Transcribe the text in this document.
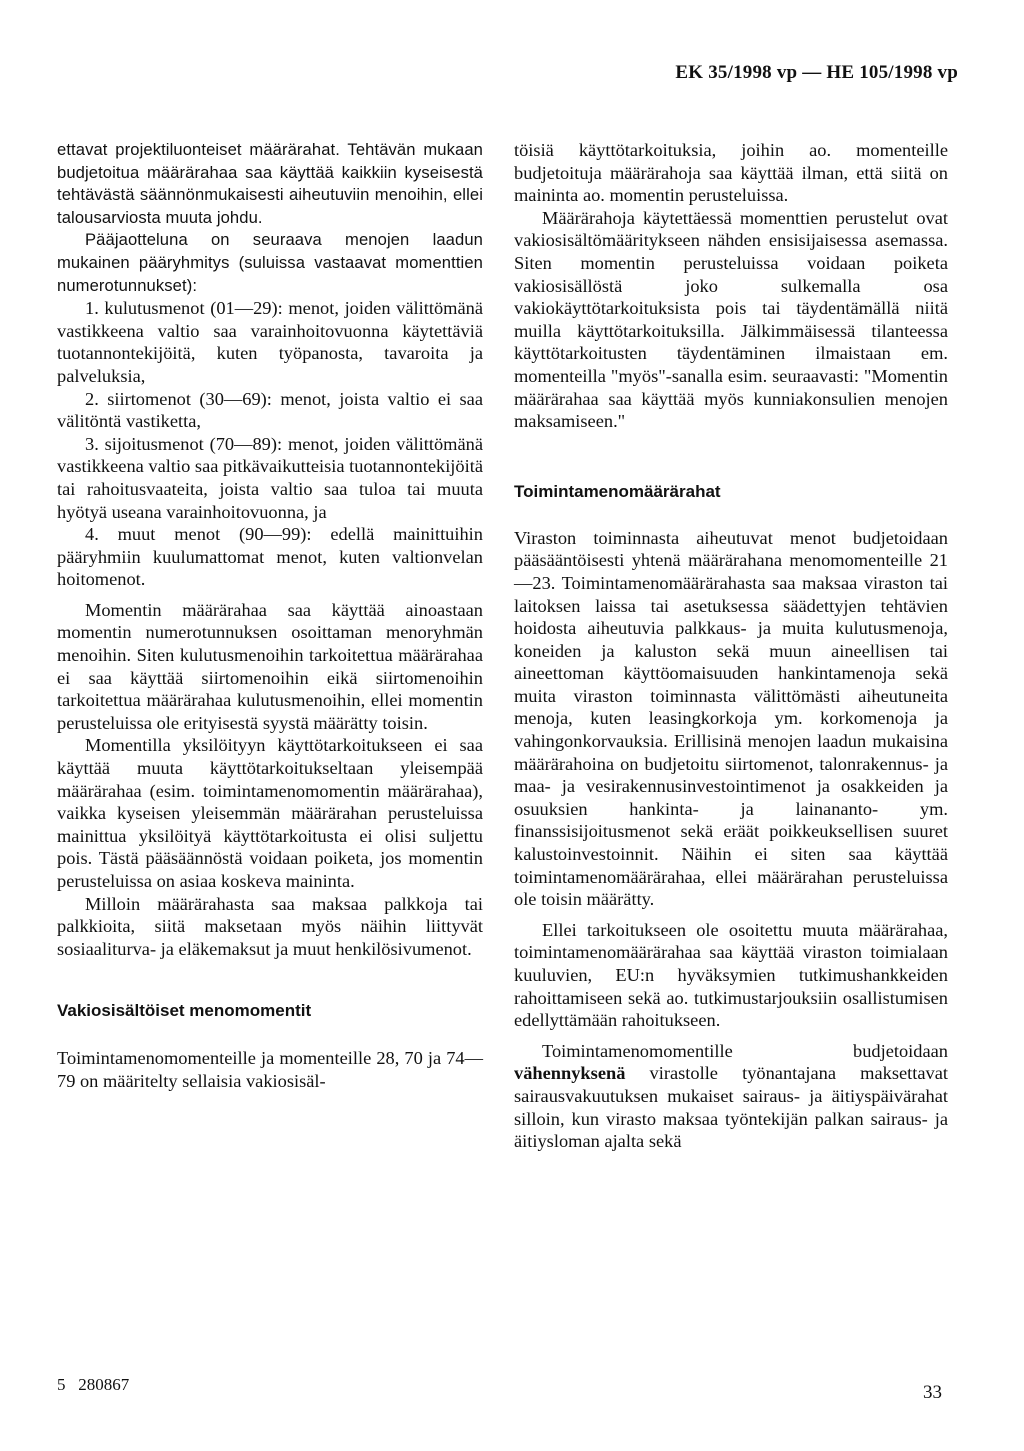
EK 35/1998 vp — HE 105/1998 vp

ettavat projektiluonteiset määrärahat. Tehtävän mukaan budjetoitua määrärahaa saa käyttää kaikkiin kyseisestä tehtävästä säännönmukaisesti aiheutuviin menoihin, ellei talousarviosta muuta johdu.

Pääjaotteluna on seuraava menojen laadun mukainen pääryhmitys (suluissa vastaavat momenttien numerotunnukset):

1. kulutusmenot (01—29): menot, joiden välittömänä vastikkeena valtio saa varainhoitovuonna käytettäviä tuotannontekijöitä, kuten työpanosta, tavaroita ja palveluksia,

2. siirtomenot (30—69): menot, joista valtio ei saa välitöntä vastiketta,

3. sijoitusmenot (70—89): menot, joiden välittömänä vastikkeena valtio saa pitkävaikutteisia tuotannontekijöitä tai rahoitusvaateita, joista valtio saa tuloa tai muuta hyötyä useana varainhoitovuonna, ja

4. muut menot (90—99): edellä mainittuihin pääryhmiin kuulumattomat menot, kuten valtionvelan hoitomenot.

Momentin määrärahaa saa käyttää ainoastaan momentin numerotunnuksen osoittaman menoryhmän menoihin. Siten kulutusmenoihin tarkoitettua määrärahaa ei saa käyttää siirtomenoihin eikä siirtomenoihin tarkoitettua määrärahaa kulutusmenoihin, ellei momentin perusteluissa ole erityisestä syystä määrätty toisin.

Momentilla yksilöityyn käyttötarkoitukseen ei saa käyttää muuta käyttötarkoitukseltaan yleisempää määrärahaa (esim. toimintamenomomentin määrärahaa), vaikka kyseisen yleisemmän määrärahan perusteluissa mainittua yksilöityä käyttötarkoitusta ei olisi suljettu pois. Tästä pääsäännöstä voidaan poiketa, jos momentin perusteluissa on asiaa koskeva maininta.

Milloin määrärahasta saa maksaa palkkoja tai palkkioita, siitä maksetaan myös näihin liittyvät sosiaaliturva- ja eläkemaksut ja muut henkilösivumenot.

Vakiosisältöiset menomomentit

Toimintamenomomenteille ja momenteille 28, 70 ja 74—79 on määritelty sellaisia vakiosisäl-

töisiä käyttötarkoituksia, joihin ao. momenteille budjetoituja määrärahoja saa käyttää ilman, että siitä on maininta ao. momentin perusteluissa.

Määrärahoja käytettäessä momenttien perustelut ovat vakiosisältömääritykseen nähden ensisijaisessa asemassa. Siten momentin perusteluissa voidaan poiketa vakiosisällöstä joko sulkemalla osa vakiokäyttötarkoituksista pois tai täydentämällä niitä muilla käyttötarkoituksilla. Jälkimmäisessä tilanteessa käyttötarkoitusten täydentäminen ilmaistaan em. momenteilla "myös"-sanalla esim. seuraavasti: "Momentin määrärahaa saa käyttää myös kunniakonsulien menojen maksamiseen."

Toimintamenomäärärahat

Viraston toiminnasta aiheutuvat menot budjetoidaan pääsääntöisesti yhtenä määrärahana menomomenteille 21—23. Toimintamenomäärärahasta saa maksaa viraston tai laitoksen laissa tai asetuksessa säädettyjen tehtävien hoidosta aiheutuvia palkkaus- ja muita kulutusmenoja, koneiden ja kaluston sekä muun aineellisen tai aineettoman käyttöomaisuuden hankintamenoja sekä muita viraston toiminnasta välittömästi aiheutuneita menoja, kuten leasingkorkoja ym. korkomenoja ja vahingonkorvauksia. Erillisinä menojen laadun mukaisina määrärahoina on budjetoitu siirtomenot, talonrakennus- ja maa- ja vesirakennusinvestointimenot ja osakkeiden ja osuuksien hankinta- ja lainananto- ym. finanssisijoitusmenot sekä eräät poikkeuksellisen suuret kalustoinvestoinnit. Näihin ei siten saa käyttää toimintamenomäärärahaa, ellei määrärahan perusteluissa ole toisin määrätty.

Ellei tarkoitukseen ole osoitettu muuta määrärahaa, toimintamenomäärärahaa saa käyttää viraston toimialaan kuuluvien, EU:n hyväksymien tutkimushankkeiden rahoittamiseen sekä ao. tutkimustarjouksiin osallistumisen edellyttämään rahoitukseen.

Toimintamenomomentille budjetoidaan vähennyksenä virastolle työnantajana maksettavat sairausvakuutuksen mukaiset sairaus- ja äitiyspäivärahat silloin, kun virasto maksaa työntekijän palkan sairaus- ja äitiysloman ajalta sekä

5   280867	33
